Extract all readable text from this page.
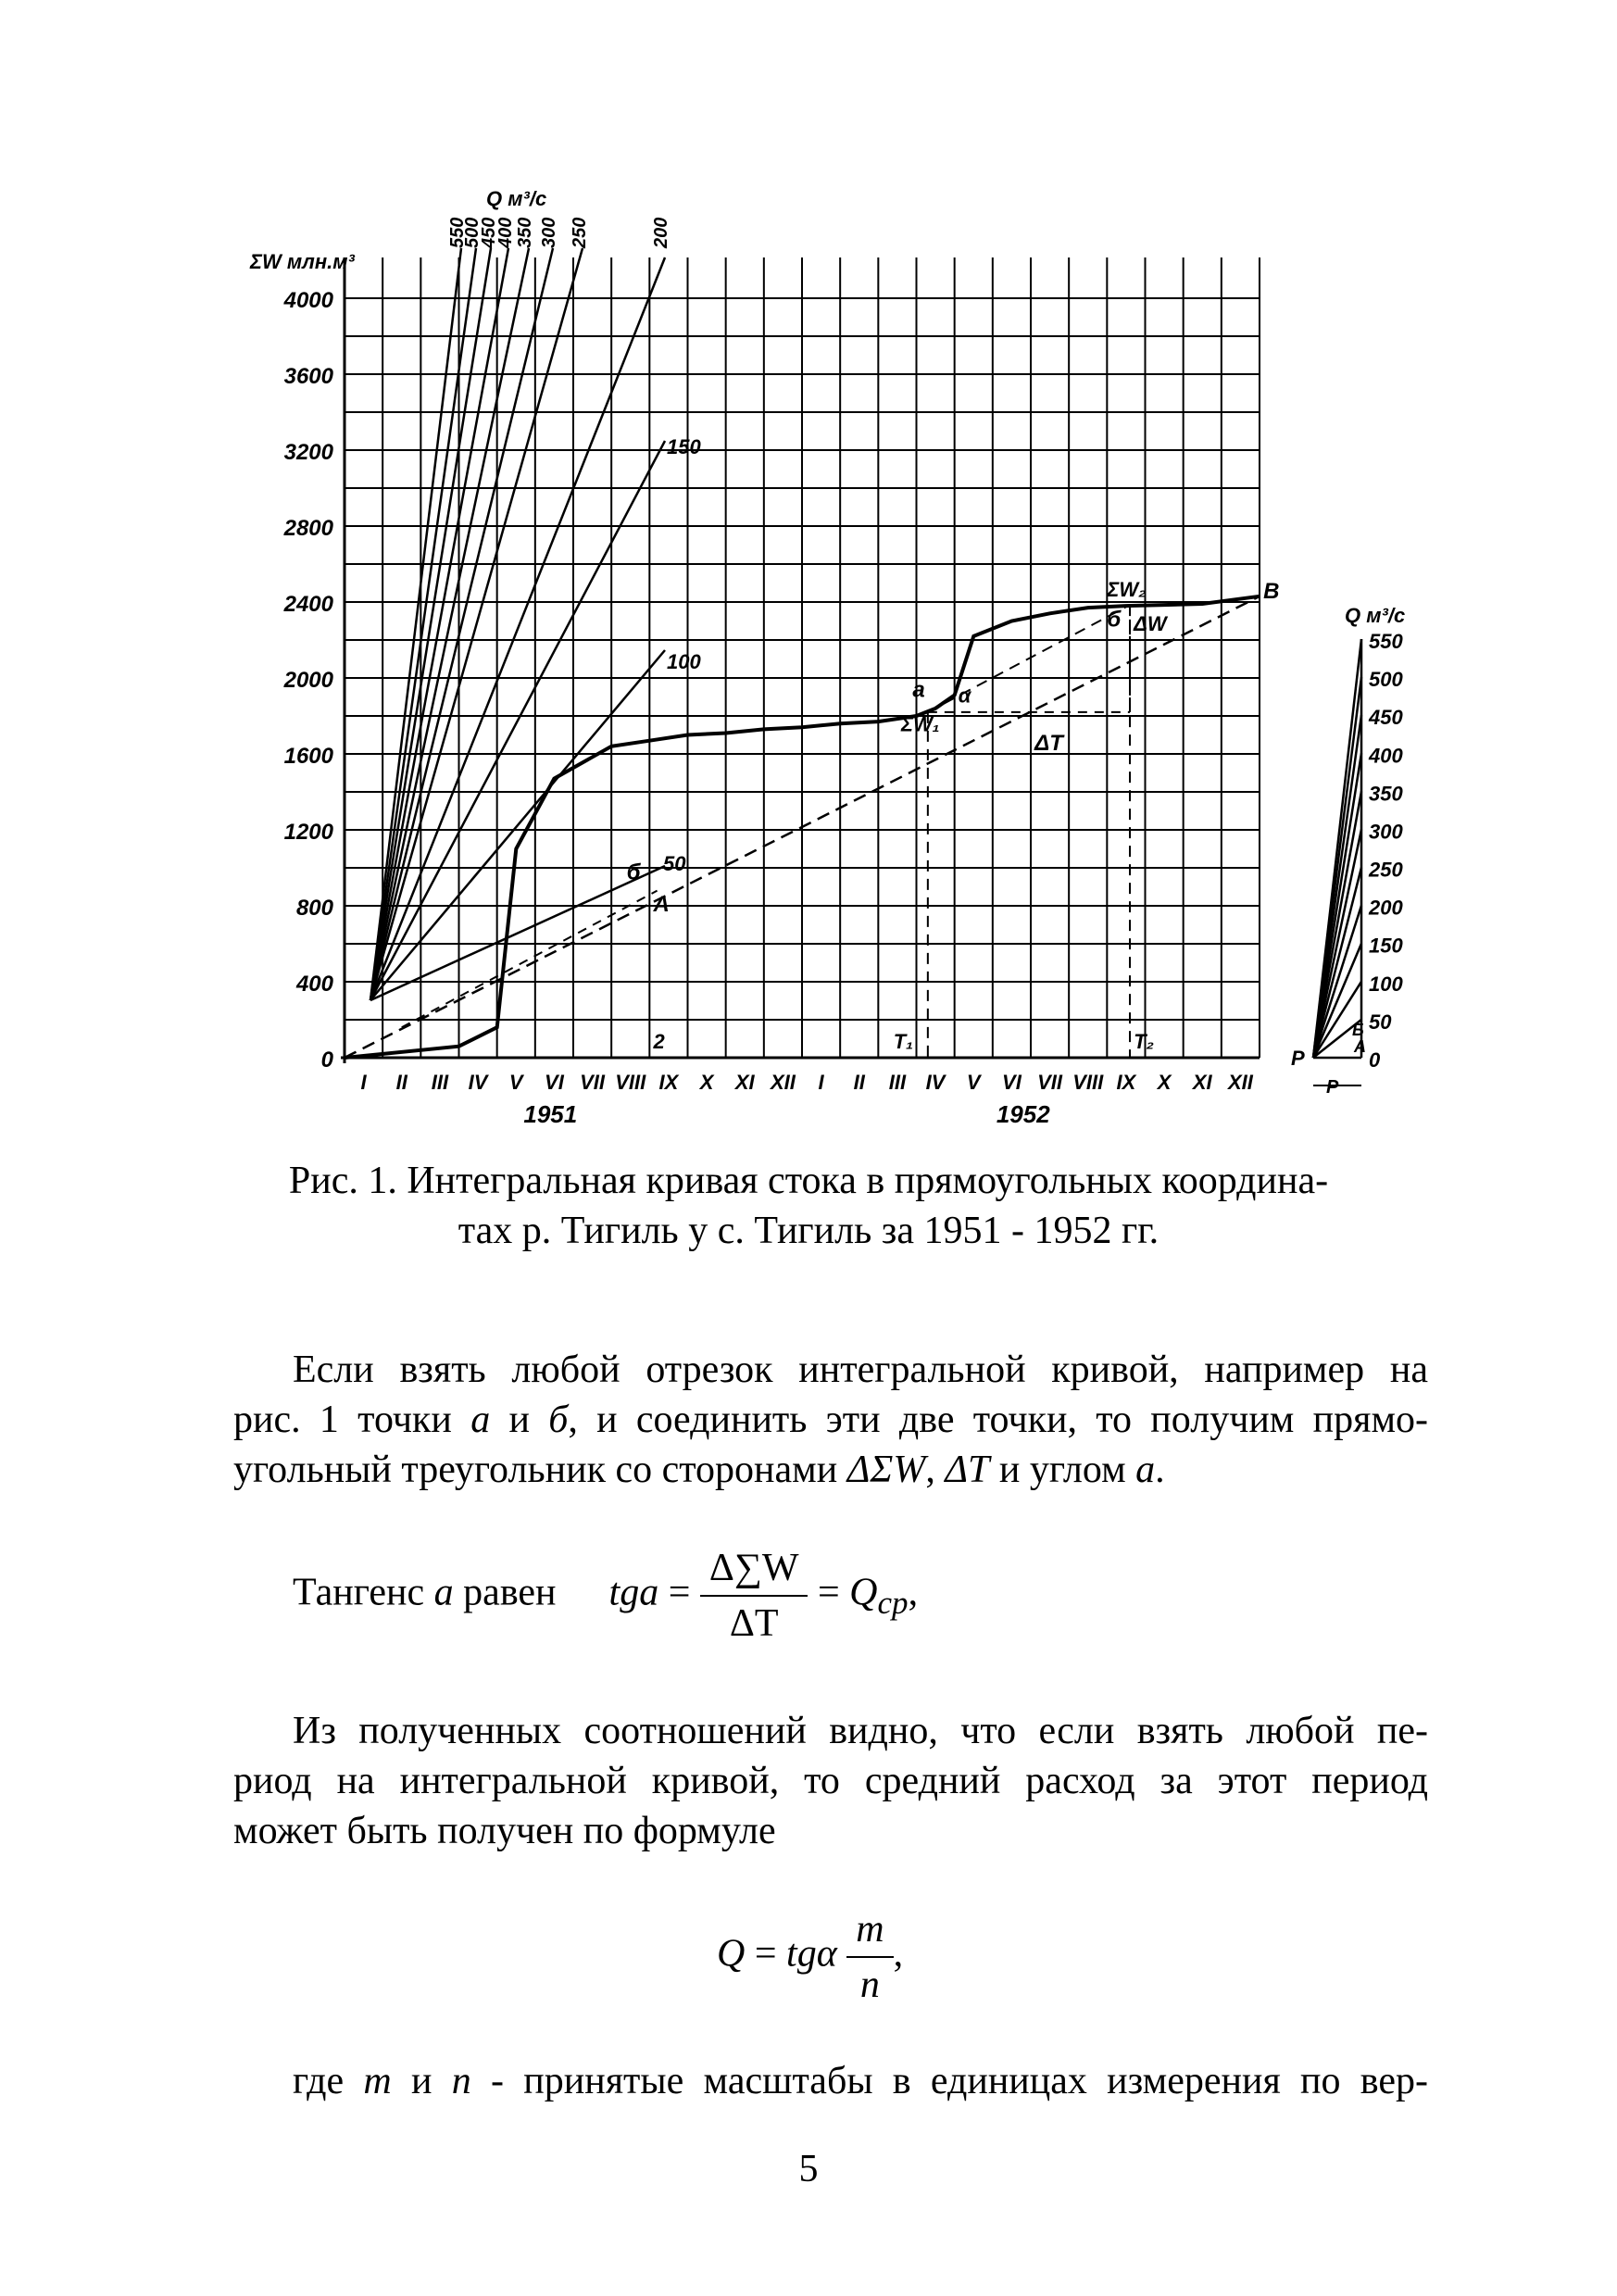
4000
3600
3200
2800
2400
2000
1600
1200
800
400
0
ΣW млн.м³
I II III IV V VI VII VIII IX X XI XII I II III IV V VI VII VIII IX X XI XII
1951	1952
550
500
450
400 350 300 250	200
Q м³/с
150
100
50
а α
ΣW₁
ΣW₂
б ΔW
ΔT
В
б
А
T₁	T₂
2
550
500
450
400
350
300
250
200
150
100
50
0
Q м³/с
P
Б
А
P
Рис. 1. Интегральная кривая стока в прямоугольных координа-
тах р. Тигиль у с. Тигиль за 1951 - 1952 гг.
Если взять любой отрезок интегральной кривой, например на
рис. 1 точки а и б, и соединить эти две точки, то получим прямо-
угольный треугольник со сторонами ΔΣW, ΔT и углом a.
Тангенс a равен tga = $\frac{\Delta\sum W}{\Delta T} = Q_{ср}$,
Из полученных соотношений видно, что если взять любой пе-
риод на интегральной кривой, то средний расход за этот период
может быть получен по формуле
Q = tgα $\frac{m}{n}$ ,
где m и n - принятые масштабы в единицах измерения по вер-
5
